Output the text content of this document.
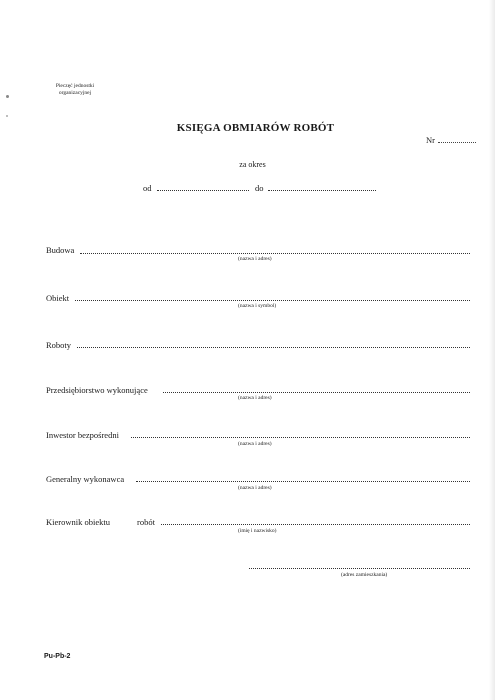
Pieczęć jednostki
organizacyjnej
KSIĘGA OBMIARÓW ROBÓT
Nr
za okres
od	do
Budowa
(nazwa i adres)
Obiekt
(nazwa i symbol)
Roboty
Przedsiębiorstwo wykonujące
(nazwa i adres)
Inwestor bezpośredni
(nazwa i adres)
Generalny wykonawca
(nazwa i adres)
Kierownik obiektu	robót
(imię i nazwisko)
(adres zamieszkania)
Pu-Pb-2
